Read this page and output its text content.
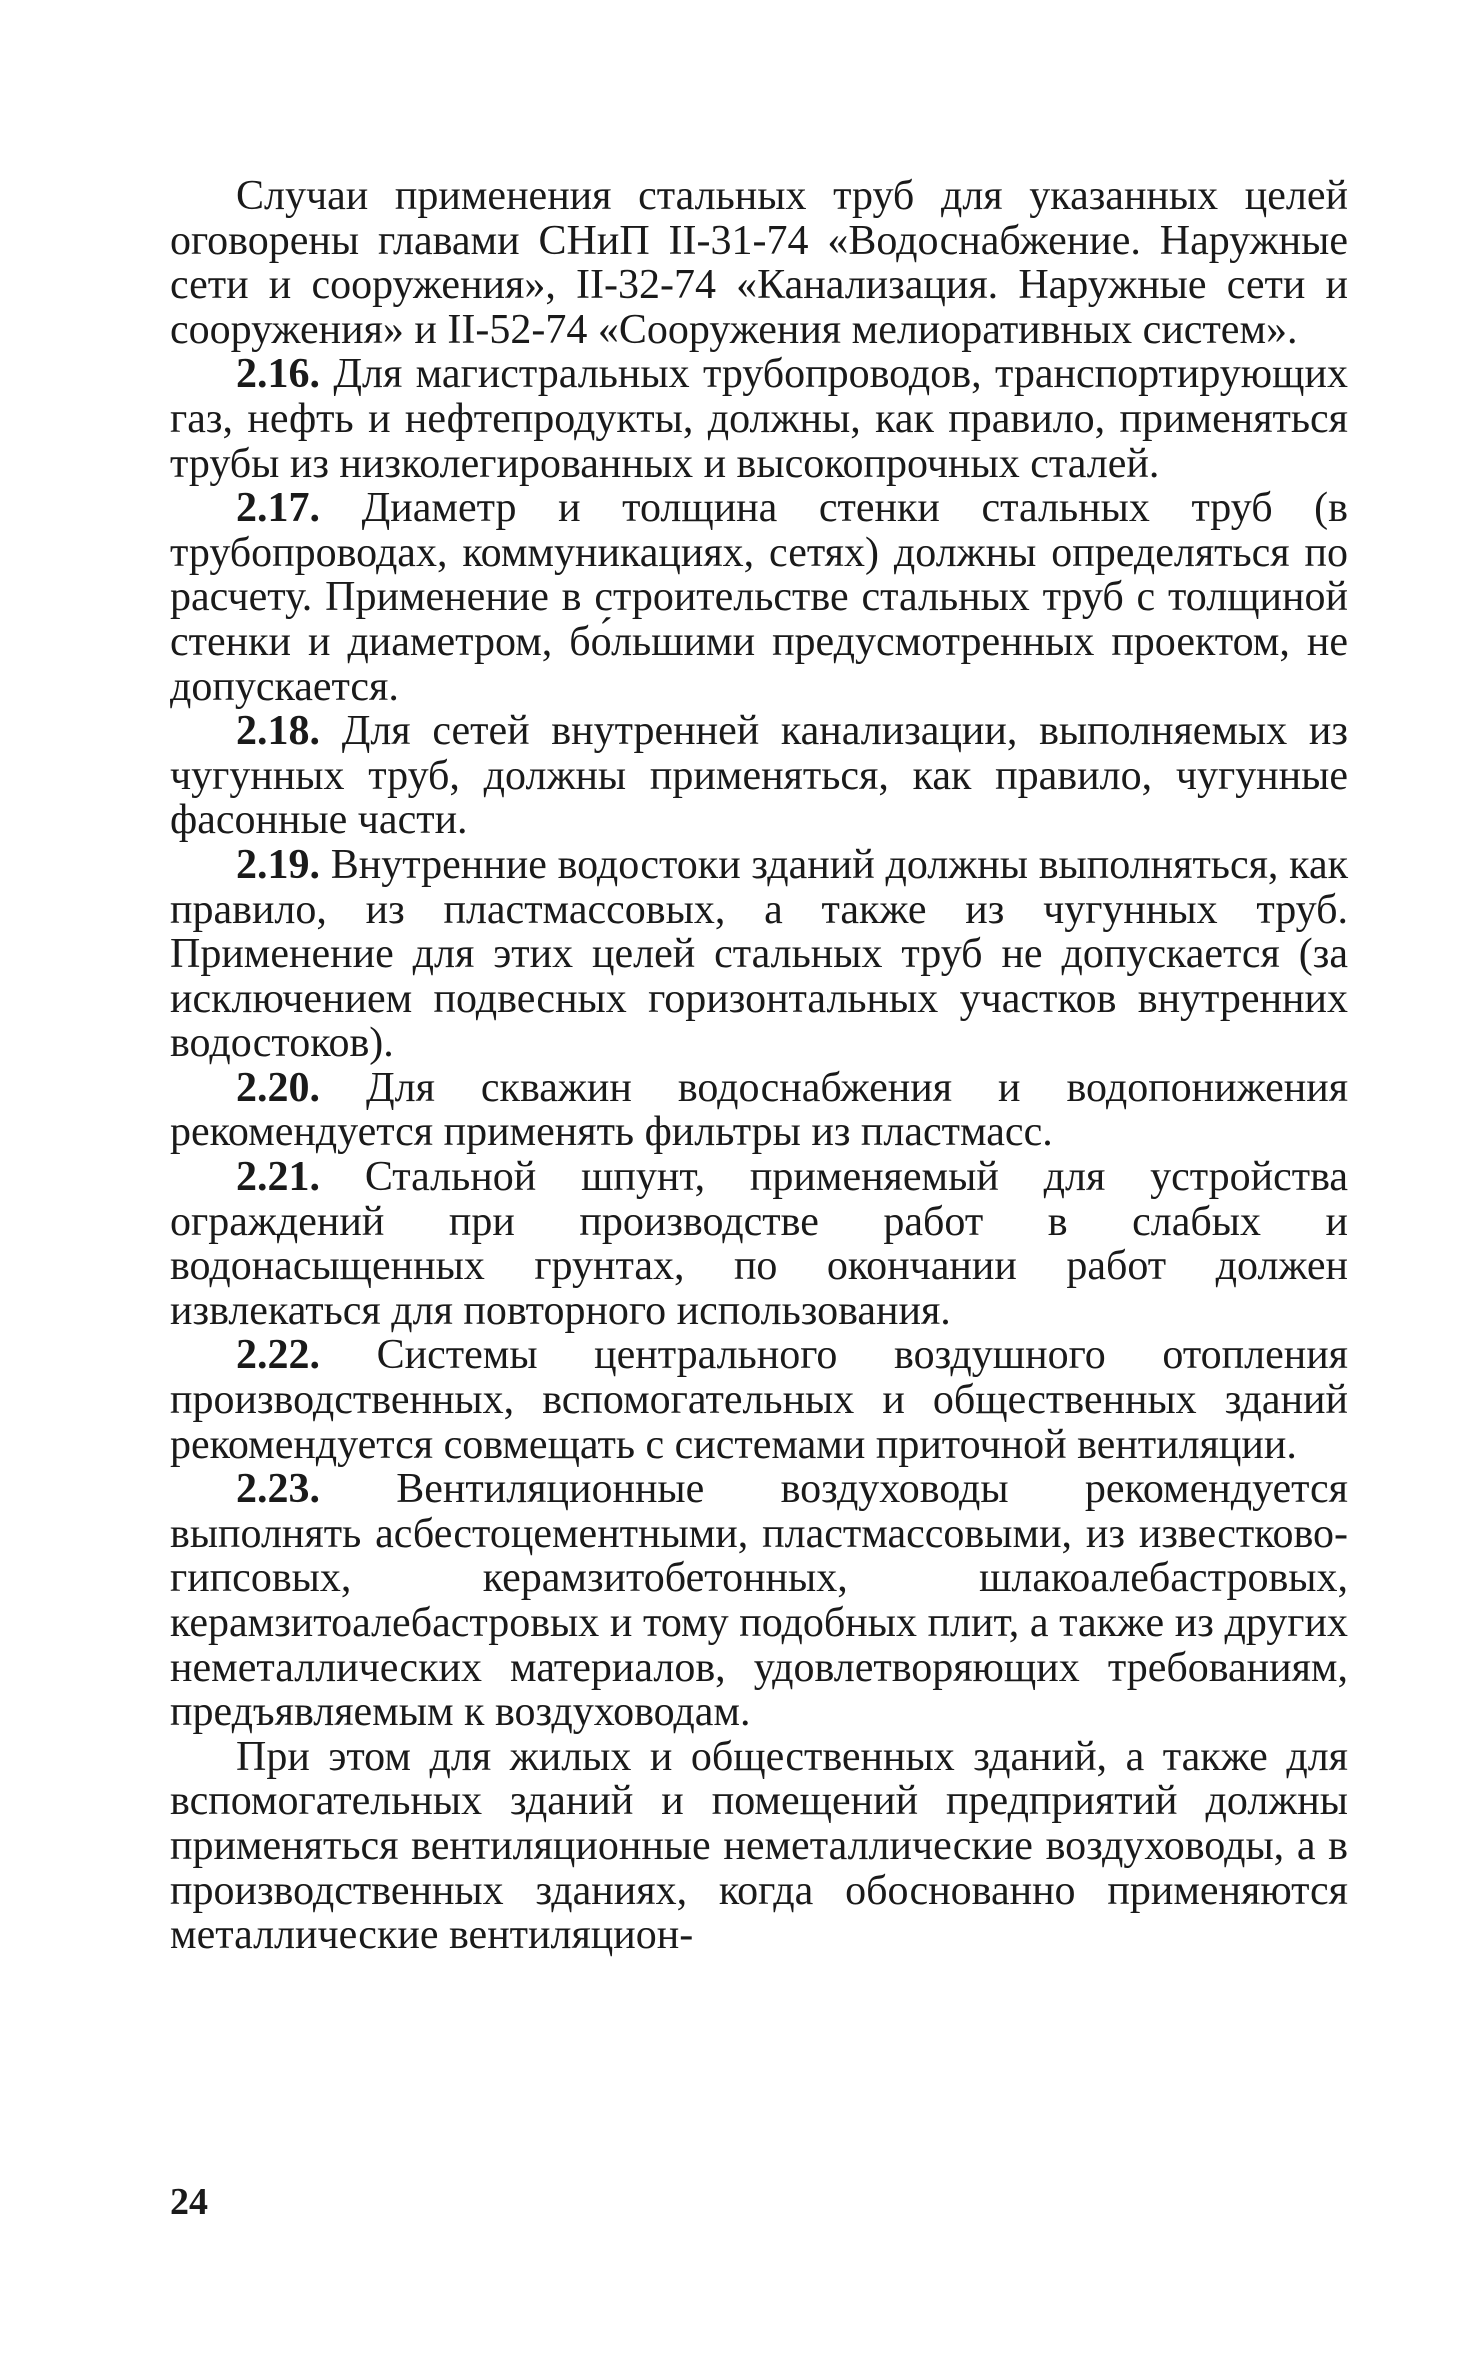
Случаи применения стальных труб для указанных целей оговорены главами СНиП II-31-74 «Водоснабжение. Наружные сети и сооружения», II-32-74 «Канализация. Наружные сети и сооружения» и II-52-74 «Сооружения мелиоративных систем».

2.16. Для магистральных трубопроводов, транспортирующих газ, нефть и нефтепродукты, должны, как правило, применяться трубы из низколегированных и высокопрочных сталей.

2.17. Диаметр и толщина стенки стальных труб (в трубопроводах, коммуникациях, сетях) должны определяться по расчету. Применение в строительстве стальных труб с толщиной стенки и диаметром, бо́льшими предусмотренных проектом, не допускается.

2.18. Для сетей внутренней канализации, выполняемых из чугунных труб, должны применяться, как правило, чугунные фасонные части.

2.19. Внутренние водостоки зданий должны выполняться, как правило, из пластмассовых, а также из чугунных труб. Применение для этих целей стальных труб не допускается (за исключением подвесных горизонтальных участков внутренних водостоков).

2.20. Для скважин водоснабжения и водопонижения рекомендуется применять фильтры из пластмасс.

2.21. Стальной шпунт, применяемый для устройства ограждений при производстве работ в слабых и водонасыщенных грунтах, по окончании работ должен извлекаться для повторного использования.

2.22. Системы центрального воздушного отопления производственных, вспомогательных и общественных зданий рекомендуется совмещать с системами приточной вентиляции.

2.23. Вентиляционные воздуховоды рекомендуется выполнять асбестоцементными, пластмассовыми, из известково-гипсовых, керамзитобетонных, шлакоалебастровых, керамзитоалебастровых и тому подобных плит, а также из других неметаллических материалов, удовлетворяющих требованиям, предъявляемым к воздуховодам.

При этом для жилых и общественных зданий, а также для вспомогательных зданий и помещений предприятий должны применяться вентиляционные неметаллические воздуховоды, а в производственных зданиях, когда обоснованно применяются металлические вентиляцион-

24
